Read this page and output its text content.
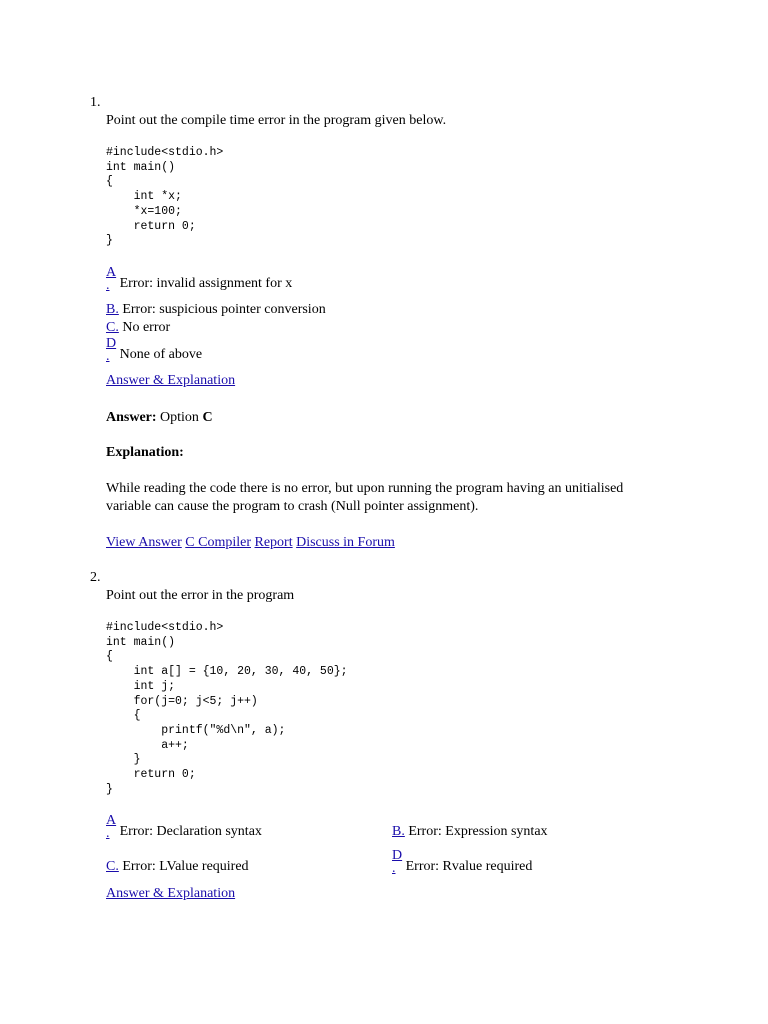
1.
Point out the compile time error in the program given below.
#include<stdio.h>
int main()
{
int *x;
*x=100;
return 0;
}
A
. Error: invalid assignment for x
B. Error: suspicious pointer conversion
C. No error
D
. None of above
Answer & Explanation
Answer: Option C
Explanation:
While reading the code there is no error, but upon running the program having an unitialised
variable can cause the program to crash (Null pointer assignment).
View Answer C Compiler Report Discuss in Forum
2.
Point out the error in the program
#include<stdio.h>
int main()
{
int a[] = {10, 20, 30, 40, 50};
int j;
for(j=0; j<5; j++)
{
printf("%d\n", a);
a++;
}
return 0;
}
A
. Error: Declaration syntax	B. Error: Expression syntax
C. Error: LValue required
D
. Error: Rvalue required
Answer & Explanation
